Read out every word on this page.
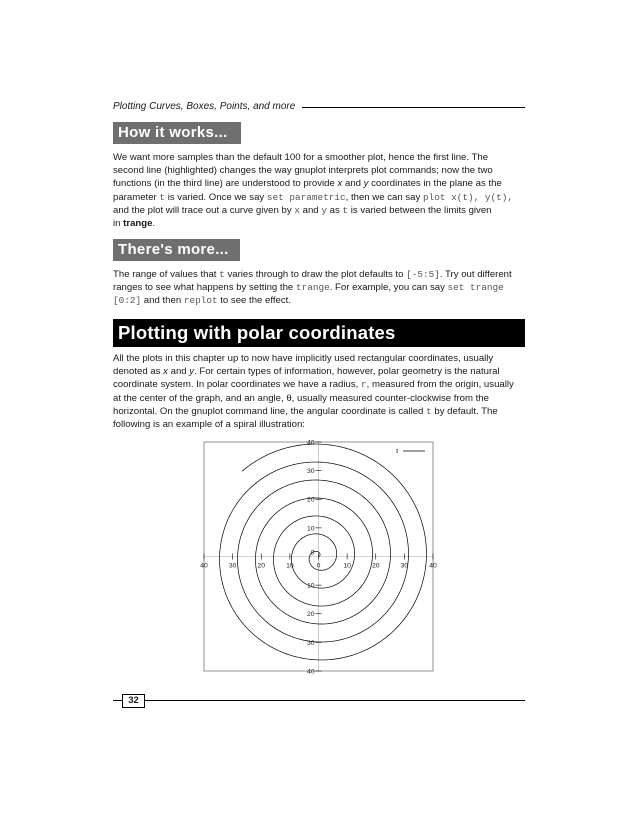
Plotting Curves, Boxes, Points, and more
How it works...
We want more samples than the default 100 for a smoother plot, hence the first line. The
second line (highlighted) changes the way gnuplot interprets plot commands; now the two
functions (in the third line) are understood to provide x and y coordinates in the plane as the
parameter t is varied. Once we say set parametric, then we can say plot x(t), y(t),
and the plot will trace out a curve given by x and y as t is varied between the limits given
in trange.
There's more...
The range of values that t varies through to draw the plot defaults to [-5:5]. Try out different
ranges to see what happens by setting the trange. For example, you can say set trange
[0:2] and then replot to see the effect.
Plotting with polar coordinates
All the plots in this chapter up to now have implicitly used rectangular coordinates, usually
denoted as x and y. For certain types of information, however, polar geometry is the natural
coordinate system. In polar coordinates we have a radius, r, measured from the origin, usually
at the center of the graph, and an angle, θ, usually measured counter-clockwise from the
horizontal. On the gnuplot command line, the angular coordinate is called t by default. The
following is an example of a spiral illustration:
40	30	20	10	0	10	20	30	40
40
30
20
10
10
20
30
40
0
t
32
